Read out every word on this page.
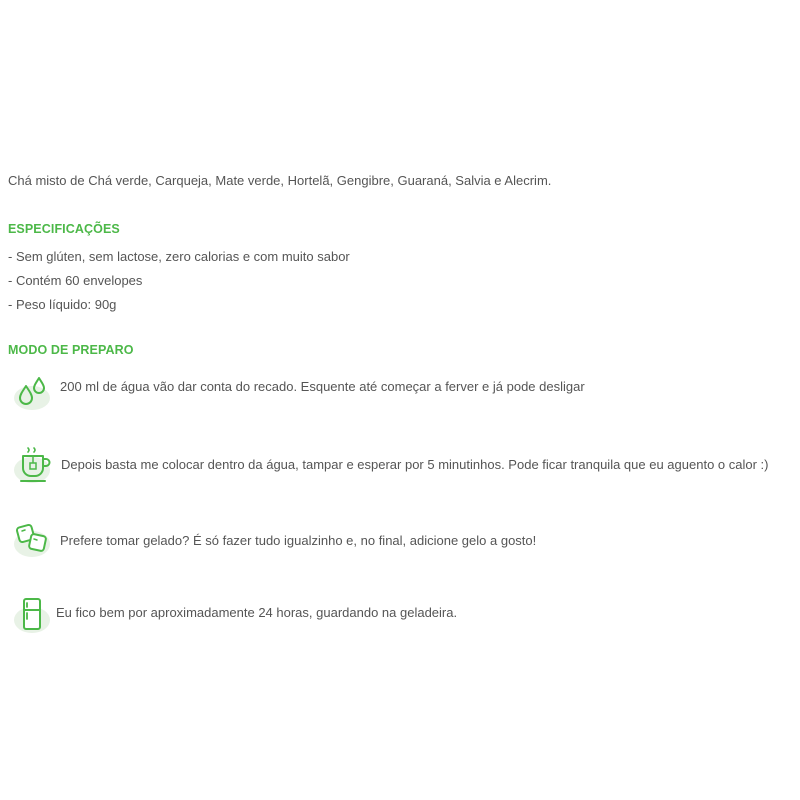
Chá misto de Chá verde, Carqueja, Mate verde, Hortelã, Gengibre, Guaraná, Salvia e Alecrim.
ESPECIFICAÇÕES
- Sem glúten, sem lactose, zero calorias e com muito sabor
- Contém 60 envelopes
- Peso líquido: 90g
MODO DE PREPARO
200 ml de água vão dar conta do recado. Esquente até começar a ferver e já pode desligar
Depois basta me colocar dentro da água, tampar e esperar por 5 minutinhos. Pode ficar tranquila que eu aguento o calor :)
Prefere tomar gelado? É só fazer tudo igualzinho e, no final, adicione gelo a gosto!
Eu fico bem por aproximadamente 24 horas, guardando na geladeira.
